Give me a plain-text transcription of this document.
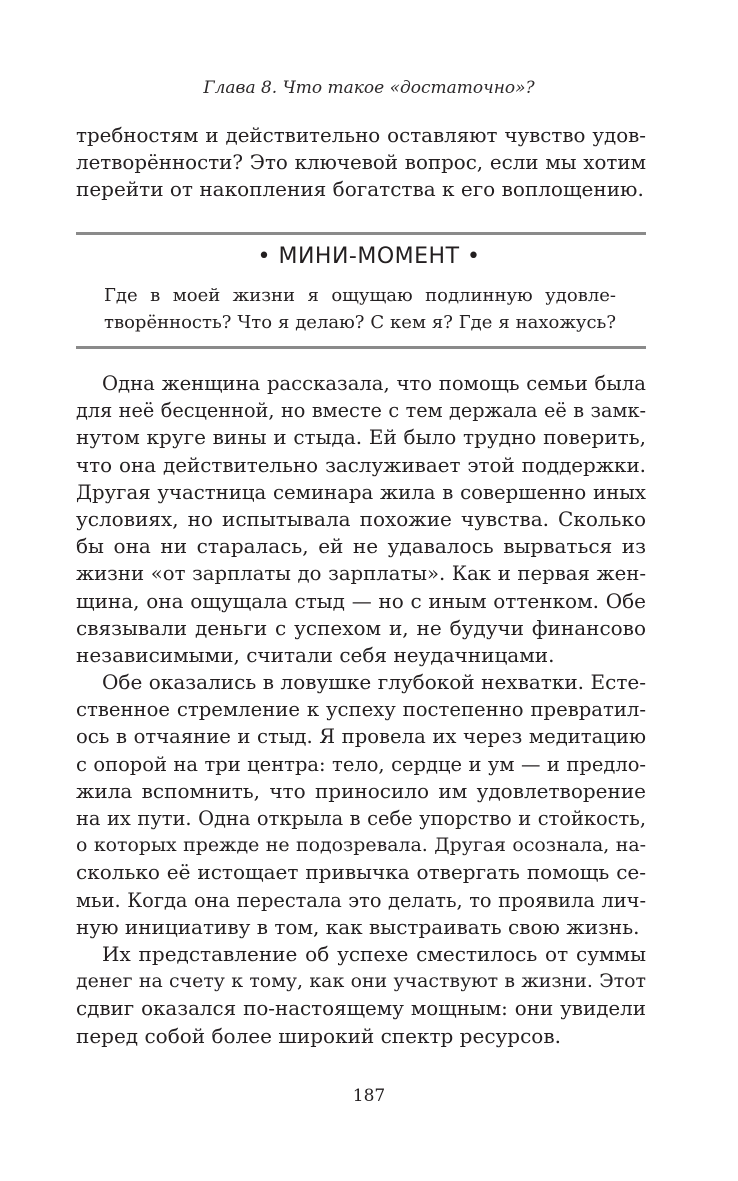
Глава 8. Что такое «достаточно»?
требностям и действительно оставляют чувство удов-
летворённости? Это ключевой вопрос, если мы хотим
перейти от накопления богатства к его воплощению.
• МИНИ-МОМЕНТ •
Где в моей жизни я ощущаю подлинную удовле-
творённость? Что я делаю? С кем я? Где я нахожусь?
Одна женщина рассказала, что помощь семьи была
для неё бесценной, но вместе с тем держала её в замк-
нутом круге вины и стыда. Ей было трудно поверить,
что она действительно заслуживает этой поддержки.
Другая участница семинара жила в совершенно иных
условиях, но испытывала похожие чувства. Сколько
бы она ни старалась, ей не удавалось вырваться из
жизни «от зарплаты до зарплаты». Как и первая жен-
щина, она ощущала стыд — но с иным оттенком. Обе
связывали деньги с успехом и, не будучи финансово
независимыми, считали себя неудачницами.
Обе оказались в ловушке глубокой нехватки. Есте-
ственное стремление к успеху постепенно превратил-
ось в отчаяние и стыд. Я провела их через медитацию
с опорой на три центра: тело, сердце и ум — и предло-
жила вспомнить, что приносило им удовлетворение
на их пути. Одна открыла в себе упорство и стойкость,
о которых прежде не подозревала. Другая осознала, на-
сколько её истощает привычка отвергать помощь се-
мьи. Когда она перестала это делать, то проявила лич-
ную инициативу в том, как выстраивать свою жизнь.
Их представление об успехе сместилось от суммы
денег на счету к тому, как они участвуют в жизни. Этот
сдвиг оказался по-настоящему мощным: они увидели
перед собой более широкий спектр ресурсов.
187
